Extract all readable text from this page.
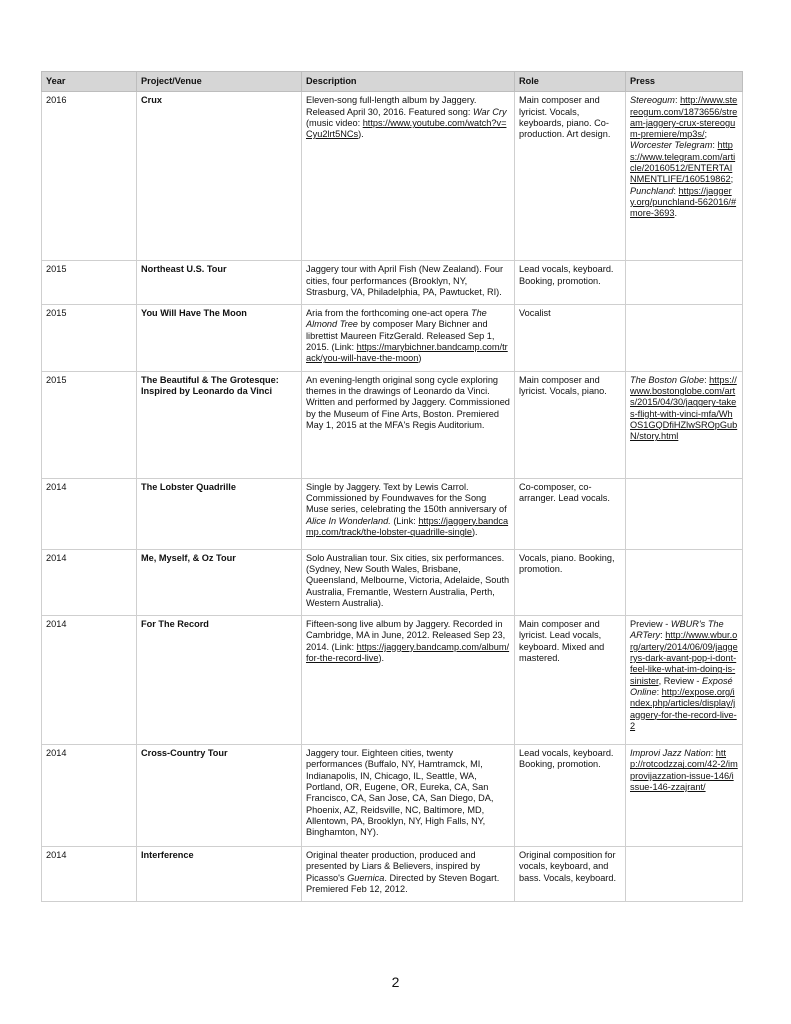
Year	Project/Venue	Description	Role	Press
2016	Crux	Eleven-song full-length album by Jaggery. Released April 30, 2016. Featured song: War Cry (music video: https://www.youtube.com/watch?v=Cyu2lrt5NCs).	Main composer and lyricist. Vocals, keyboards, piano. Co-production. Art design.	Stereogum: http://www.stereogum.com/1873656/stream-jaggery-crux-stereogum-premiere/mp3s/; Worcester Telegram: https://www.telegram.com/article/20160512/ENTERTAINMENTLIFE/160519862; Punchland: https://jaggery.org/punchland-562016/#more-3693.
2015	Northeast U.S. Tour	Jaggery tour with April Fish (New Zealand). Four cities, four performances (Brooklyn, NY, Strasburg, VA, Philadelphia, PA, Pawtucket, RI).	Lead vocals, keyboard. Booking, promotion.	
2015	You Will Have The Moon	Aria from the forthcoming one-act opera The Almond Tree by composer Mary Bichner and librettist Maureen FitzGerald. Released Sep 1, 2015. (Link: https://marybichner.bandcamp.com/track/you-will-have-the-moon)	Vocalist	
2015	The Beautiful & The Grotesque: Inspired by Leonardo da Vinci	An evening-length original song cycle exploring themes in the drawings of Leonardo da Vinci. Written and performed by Jaggery. Commissioned by the Museum of Fine Arts, Boston. Premiered May 1, 2015 at the MFA's Regis Auditorium.	Main composer and lyricist. Vocals, piano.	The Boston Globe: https://www.bostonglobe.com/arts/2015/04/30/jaggery-takes-flight-with-vinci-mfa/WhOS1GQDfiHZlwSROpGubN/story.html
2014	The Lobster Quadrille	Single by Jaggery. Text by Lewis Carrol. Commissioned by Foundwaves for the Song Muse series, celebrating the 150th anniversary of Alice In Wonderland. (Link: https://jaggery.bandcamp.com/track/the-lobster-quadrille-single).	Co-composer, co-arranger. Lead vocals.	
2014	Me, Myself, & Oz Tour	Solo Australian tour. Six cities, six performances.(Sydney, New South Wales, Brisbane, Queensland, Melbourne, Victoria, Adelaide, South Australia, Fremantle, Western Australia, Perth, Western Australia).	Vocals, piano. Booking, promotion.	
2014	For The Record	Fifteen-song live album by Jaggery. Recorded in Cambridge, MA in June, 2012. Released Sep 23, 2014. (Link: https://jaggery.bandcamp.com/album/for-the-record-live).	Main composer and lyricist. Lead vocals, keyboard. Mixed and mastered.	Preview - WBUR's The ARTery: http://www.wbur.org/artery/2014/06/09/jaggerys-dark-avant-pop-i-dont-feel-like-what-im-doing-is-sinister, Review - Exposé Online: http://expose.org/index.php/articles/display/jaggery-for-the-record-live-2
2014	Cross-Country Tour	Jaggery tour. Eighteen cities, twenty performances (Buffalo, NY, Hamtramck, MI, Indianapolis, IN, Chicago, IL, Seattle, WA, Portland, OR, Eugene, OR, Eureka, CA, San Francisco, CA, San Jose, CA, San Diego, DA, Phoenix, AZ, Reidsville, NC, Baltimore, MD, Allentown, PA, Brooklyn, NY, High Falls, NY, Binghamton, NY).	Lead vocals, keyboard. Booking, promotion.	Improvi Jazz Nation: http://rotcodzzaj.com/42-2/improvijazzation-issue-146/issue-146-zzajrant/
2014	Interference	Original theater production, produced and presented by Liars & Believers, inspired by Picasso's Guernica. Directed by Steven Bogart. Premiered Feb 12, 2012.	Original composition for vocals, keyboard, and bass. Vocals, keyboard.	
2
